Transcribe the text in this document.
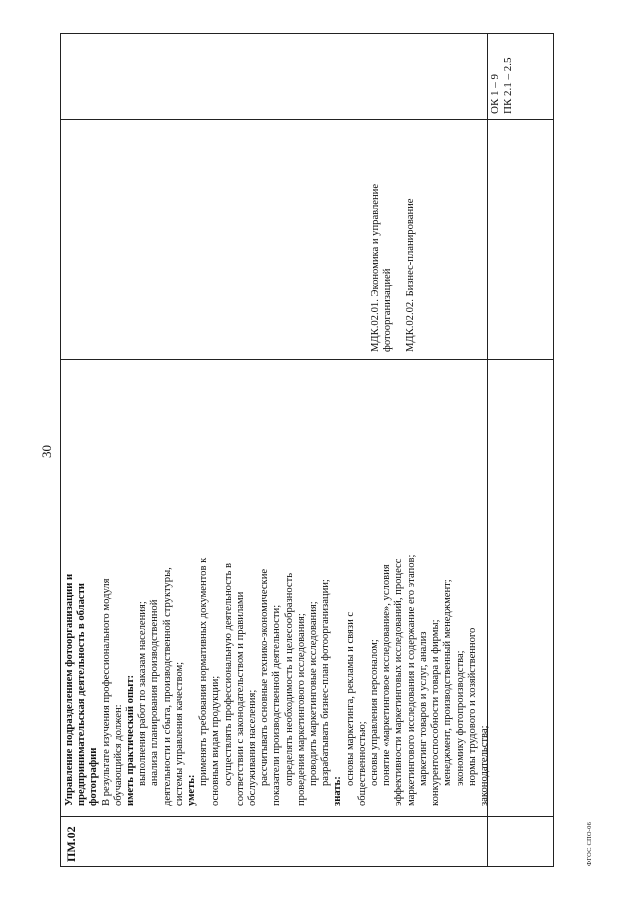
30
ПМ.02
Управление подразделением фотоорганизации и предпринимательская деятельность в области фотографии В результате изучения профессионального модуля обучающийся должен: иметь практический опыт: выполнения работ по заказам населения; анализа планирования производственной деятельности и сбыта, производственной структуры, системы управления качеством; уметь:
применять требования нормативных документов к основным видам продукции; осуществлять профессиональную деятельность в соответствии с законодательством и правилами обслуживания населения; рассчитывать основные технико-экономические показатели производственной деятельности; определять необходимость и целесообразность проведения маркетингового исследования; проводить маркетинговые исследования; разрабатывать бизнес-план фотоорганизации;
знать:
основы маркетинга, рекламы и связи с общественностью; основы управления персоналом; понятие «маркетинговое исследование», условия эффективности маркетинговых исследований, процесс маркетингового исследования и содержание его этапов; маркетинг товаров и услуг, анализ конкурентоспособности товара и фирмы; менеджмент, производственный менеджмент; экономику фотопроизводства; нормы трудового и хозяйственного законодательства;

МДК.02.01. Экономика и управление фотоорганизацией МДК.02.02. Бизнес-планирование

ОК 1 – 9 ПК 2.1 – 2.5
ФГОС СПО-06
